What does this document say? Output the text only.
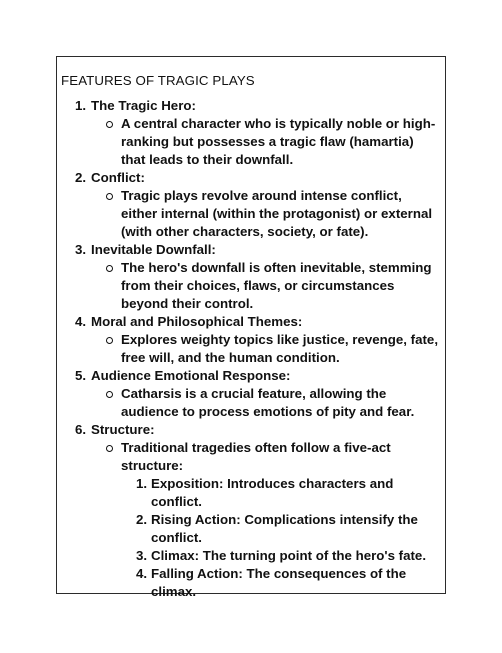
FEATURES OF TRAGIC PLAYS
1. The Tragic Hero:
A central character who is typically noble or high-ranking but possesses a tragic flaw (hamartia) that leads to their downfall.
2. Conflict:
Tragic plays revolve around intense conflict, either internal (within the protagonist) or external (with other characters, society, or fate).
3. Inevitable Downfall:
The hero's downfall is often inevitable, stemming from their choices, flaws, or circumstances beyond their control.
4. Moral and Philosophical Themes:
Explores weighty topics like justice, revenge, fate, free will, and the human condition.
5. Audience Emotional Response:
Catharsis is a crucial feature, allowing the audience to process emotions of pity and fear.
6. Structure:
Traditional tragedies often follow a five-act structure:
1. Exposition: Introduces characters and conflict.
2. Rising Action: Complications intensify the conflict.
3. Climax: The turning point of the hero's fate.
4. Falling Action: The consequences of the climax.
